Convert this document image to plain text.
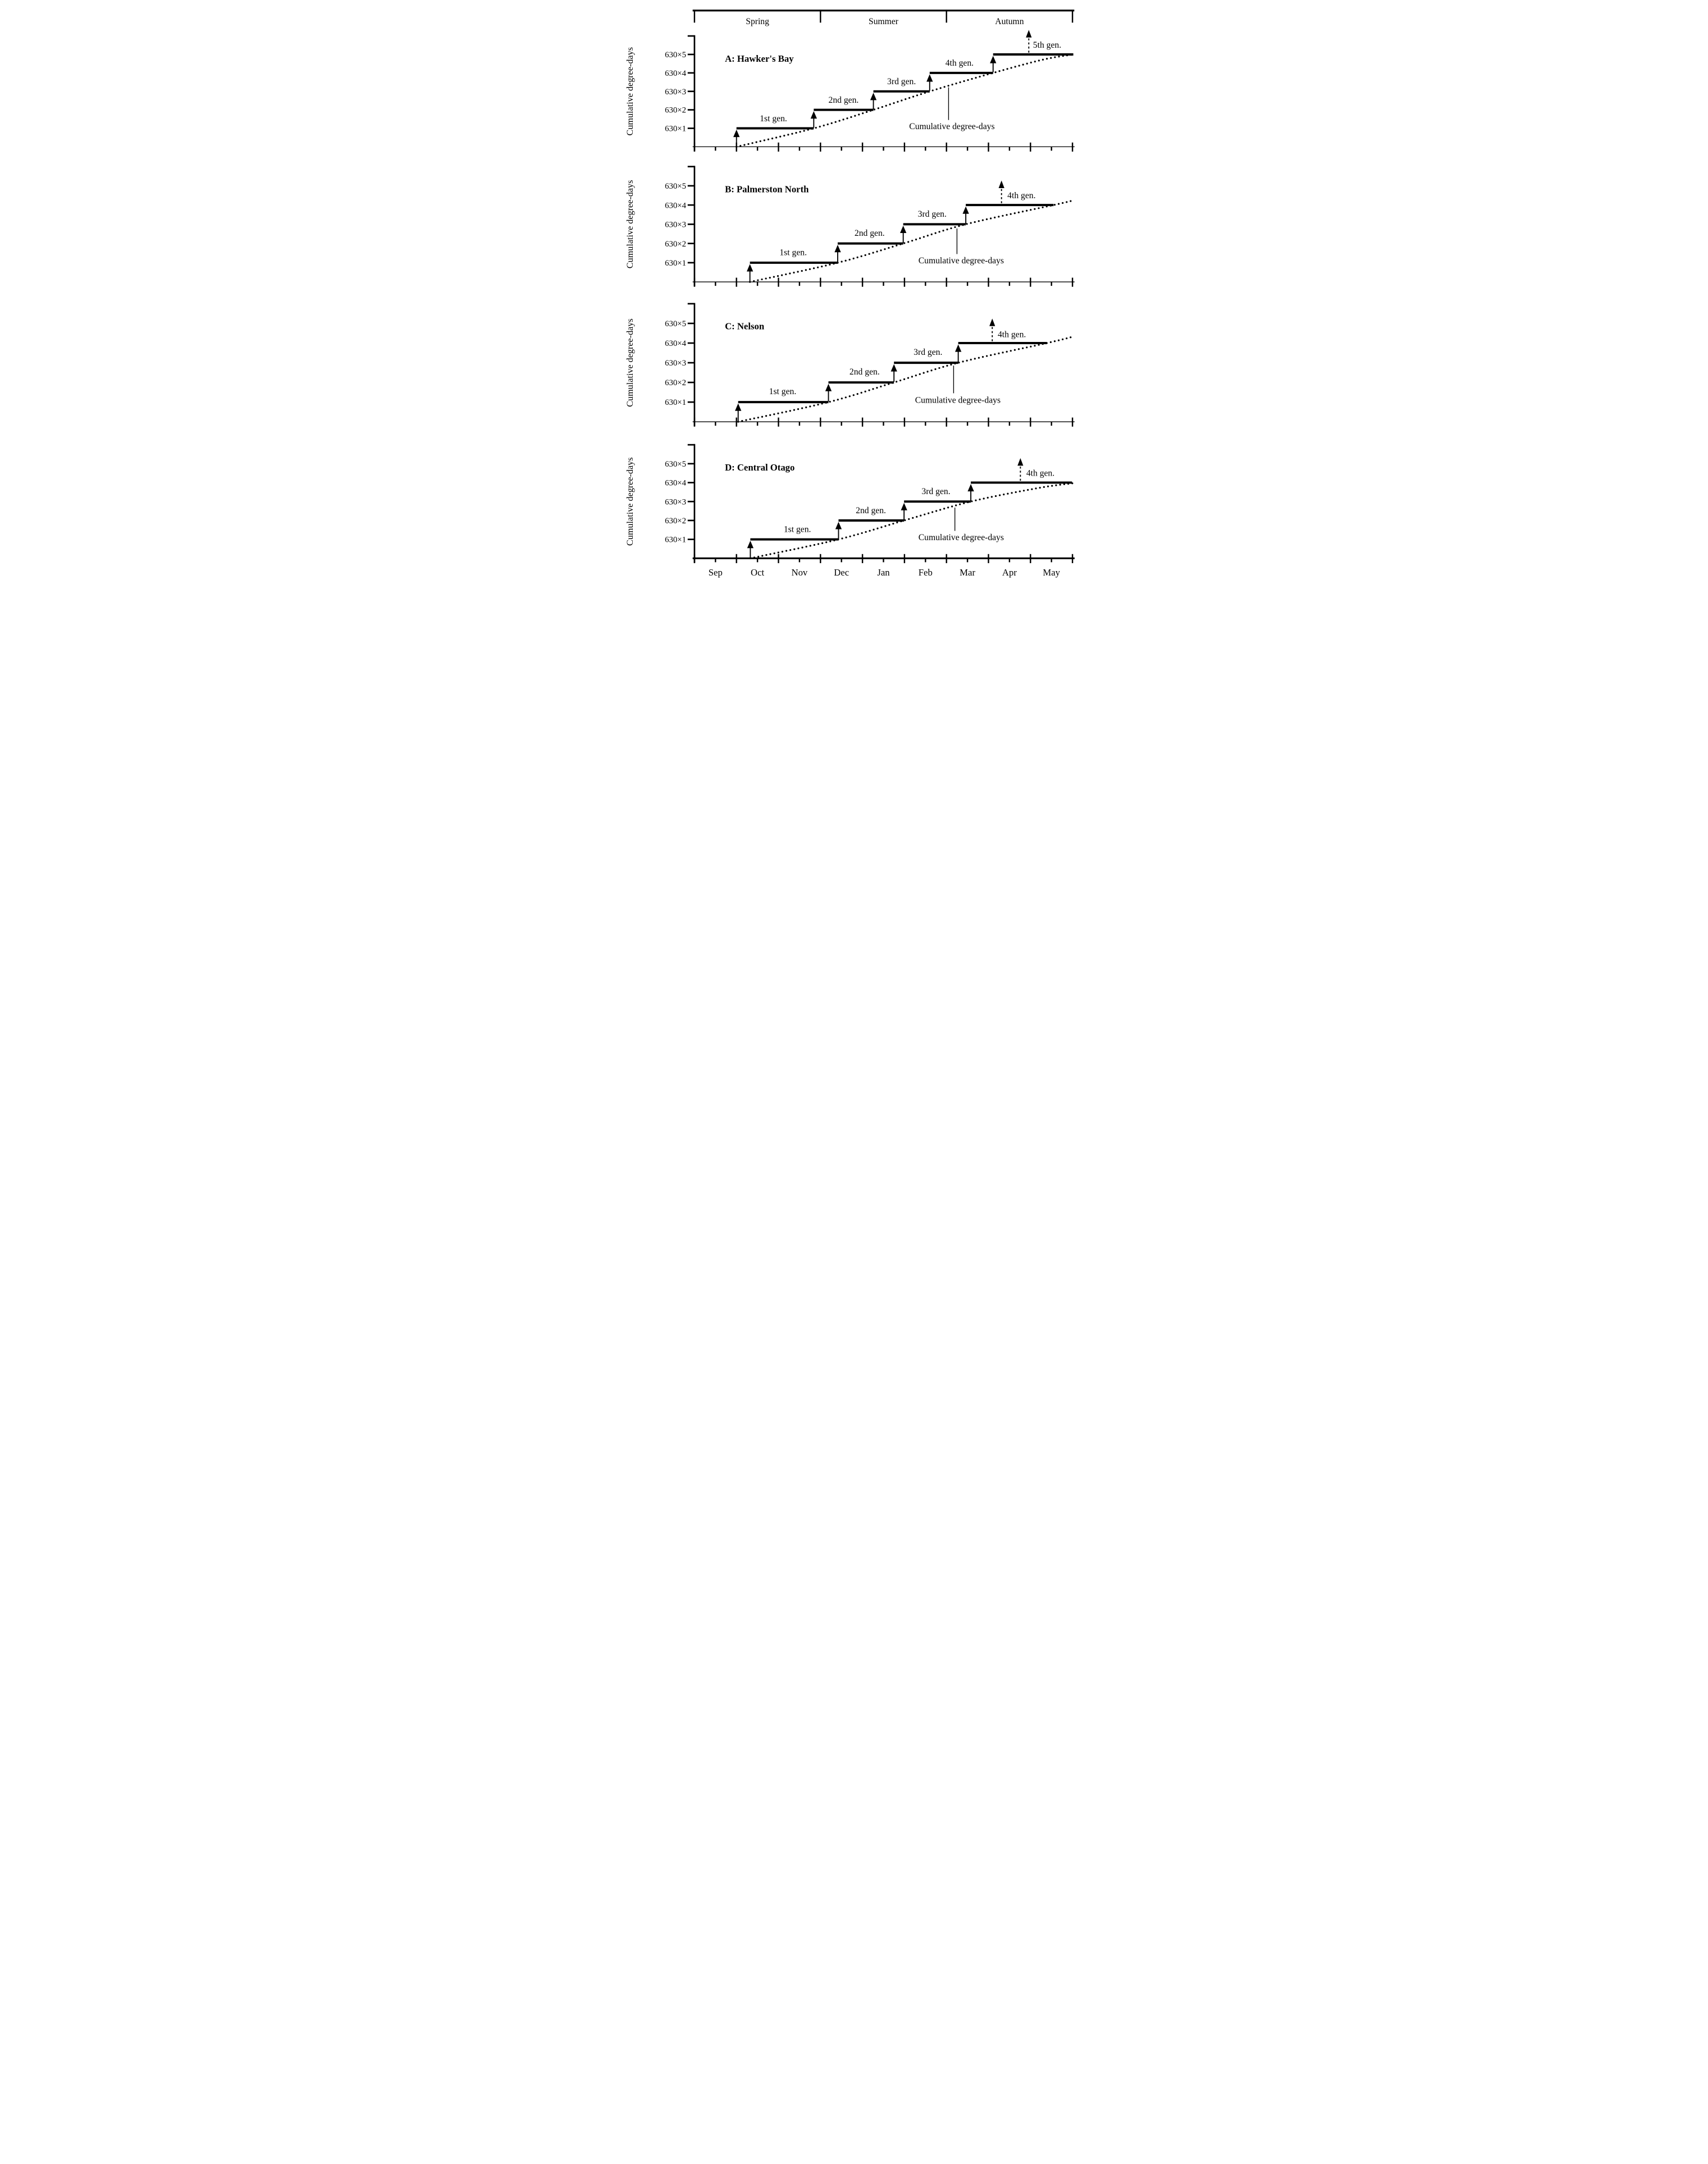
Spring	Summer	Autumn
630×1
630×2
630×3
630×4
630×5
Cumulative degree-days	A: Hawker's Bay
1st gen.
2nd gen.
3rd gen.
4th gen.
5th gen.
Cumulative degree-days
630×1
630×2
630×3
630×4
630×5
Cumulative degree-days	B: Palmerston North
1st gen.
2nd gen.
3rd gen.
4th gen.
Cumulative degree-days
630×1
630×2
630×3
630×4
630×5
Cumulative degree-days	C: Nelson
1st gen.
2nd gen.
3rd gen.
4th gen.
Cumulative degree-days
630×1
630×2
630×3
630×4
630×5
Cumulative degree-days	D: Central Otago
1st gen.
2nd gen.
3rd gen.
4th gen.
Cumulative degree-days
Sep Oct Nov Dec Jan Feb Mar Apr May
